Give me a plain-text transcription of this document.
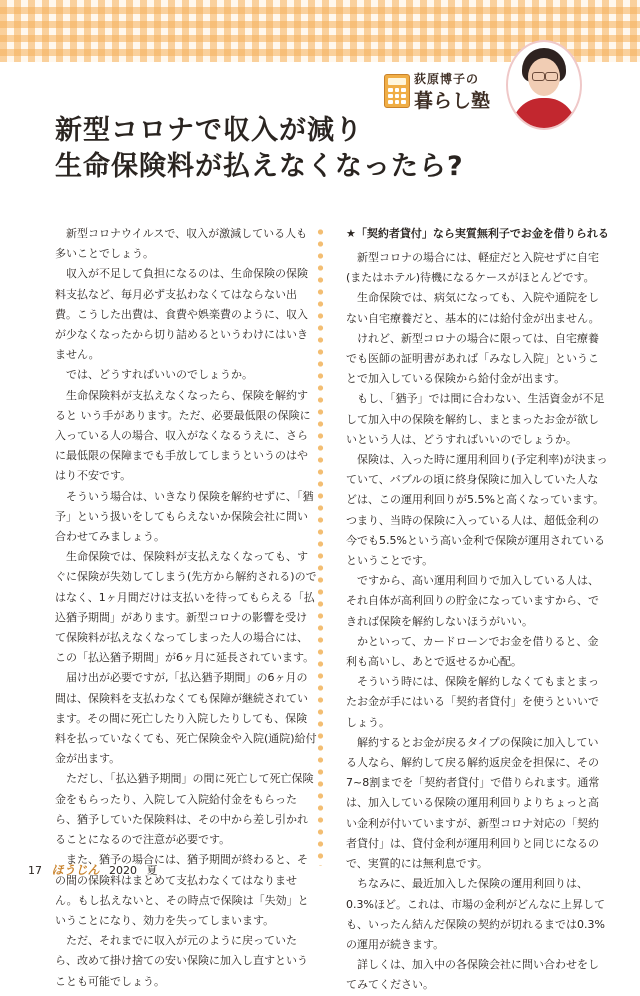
荻原博子の
暮らし塾
新型コロナで収入が減り
生命保険料が払えなくなったら?

新型コロナウイルスで、収入が激減している人も多いことでしょう。

収入が不足して負担になるのは、生命保険の保険料支払など、毎月必ず支払わなくてはならない出費。こうした出費は、食費や娯楽費のように、収入が少なくなったから切り詰めるというわけにはいきません。

では、どうすればいいのでしょうか。

生命保険料が支払えなくなったら、保険を解約すると いう手があります。ただ、必要最低限の保険に入っている人の場合、収入がなくなるうえに、さらに最低限の保障までも手放してしまうというのはやはり不安です。

そういう場合は、いきなり保険を解約せずに、「猶予」という扱いをしてもらえないか保険会社に問い合わせてみましょう。

生命保険では、保険料が支払えなくなっても、すぐに保険が失効してしまう(先方から解約される)のではなく、1ヶ月間だけは支払いを待ってもらえる「払込猶予期間」があります。新型コロナの影響を受けて保険料が払えなくなってしまった人の場合には、この「払込猶予期間」が6ヶ月に延長されています。

届け出が必要ですが,「払込猶予期間」の6ヶ月の間は、保険料を支払わなくても保障が継続されています。その間に死亡したり入院したりしても、保険料を払っていなくても、死亡保険金や入院(通院)給付金が出ます。

ただし、「払込猶予期間」の間に死亡して死亡保険金をもらったり、入院して入院給付金をもらったら、猶予していた保険料は、その中から差し引かれることになるので注意が必要です。

また、猶予の場合には、猶予期間が終わると、その間の保険料はまとめて支払わなくてはなりません。もし払えないと、その時点で保険は「失効」ということになり、効力を失ってしまいます。

ただ、それまでに収入が元のように戻っていたら、改めて掛け捨ての安い保険に加入し直すということも可能でしょう。

★「契約者貸付」なら実質無利子でお金を借りられる

新型コロナの場合には、軽症だと入院せずに自宅(またはホテル)待機になるケースがほとんどです。

生命保険では、病気になっても、入院や通院をしない自宅療養だと、基本的には給付金が出ません。

けれど、新型コロナの場合に限っては、自宅療養でも医師の証明書があれば「みなし入院」ということで加入している保険から給付金が出ます。

もし、「猶予」では間に合わない、生活資金が不足して加入中の保険を解約し、まとまったお金が欲しいという人は、どうすればいいのでしょうか。

保険は、入った時に運用利回り(予定利率)が決まっていて、バブルの頃に終身保険に加入していた人などは、この運用利回りが5.5%と高くなっています。つまり、当時の保険に入っている人は、超低金利の今でも5.5%という高い金利で保険が運用されているということです。

ですから、高い運用利回りで加入している人は、それ自体が高利回りの貯金になっていますから、できれば保険を解約しないほうがいい。

かといって、カードローンでお金を借りると、金利も高いし、あとで返せるか心配。

そういう時には、保険を解約しなくてもまとまったお金が手にはいる「契約者貸付」を使うといいでしょう。

解約するとお金が戻るタイプの保険に加入している人なら、解約して戻る解約返戻金を担保に、その7~8割までを「契約者貸付」で借りられます。通常は、加入している保険の運用利回りよりちょっと高い金利が付いていますが、新型コロナ対応の「契約者貸付」は、貸付金利が運用利回りと同じになるので、実質的には無利息です。

ちなみに、最近加入した保険の運用利回りは、0.3%ほど。これは、市場の金利がどんなに上昇しても、いったん結んだ保険の契約が切れるまでは0.3%の運用が続きます。

詳しくは、加入中の各保険会社に問い合わせをしてみてください。

17 ほうじん 2020 夏
